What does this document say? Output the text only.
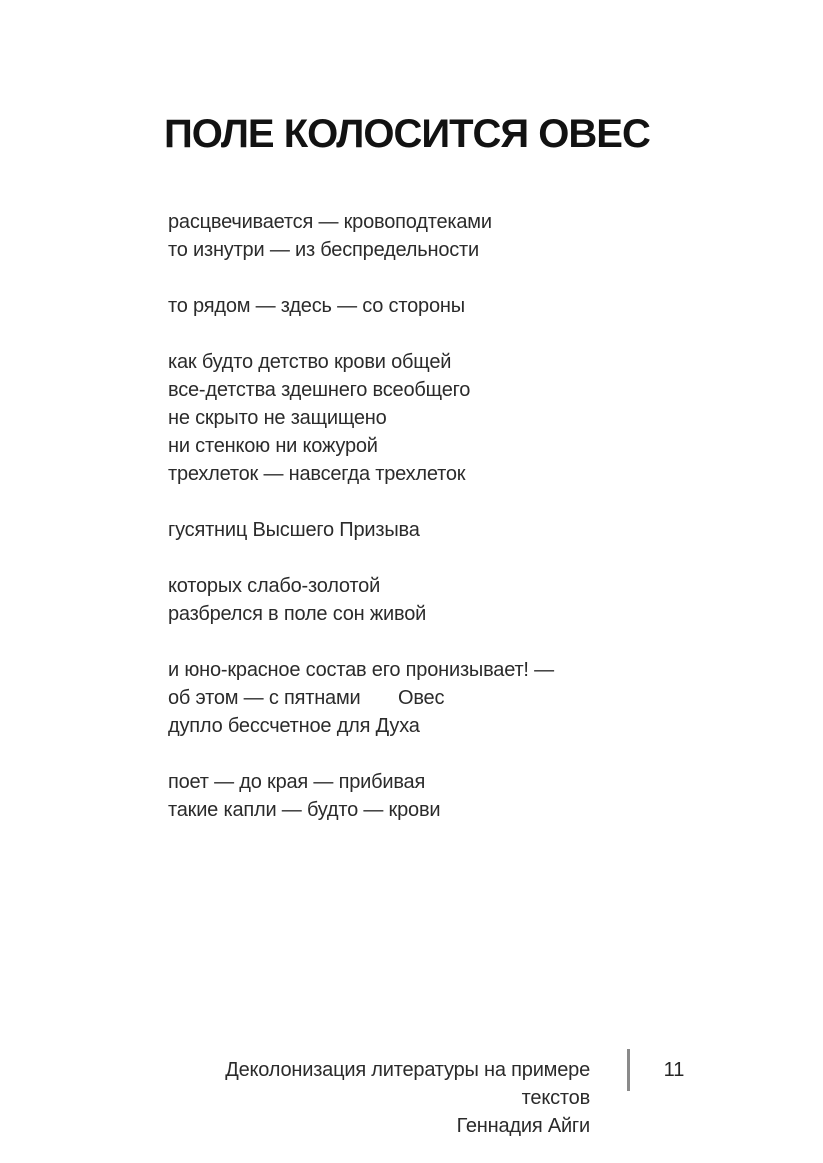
ПОЛЕ КОЛОСИТСЯ ОВЕС
расцвечивается — кровоподтеками
то изнутри — из беспредельности
то рядом — здесь — со стороны
как будто детство крови общей
все-детства здешнего всеобщего
не скрыто не защищено
ни стенкою ни кожурой
трехлеток — навсегда трехлеток
гусятниц Высшего Призыва
которых слабо-золотой
разбрелся в поле сон живой
и юно-красное состав его пронизывает! —
об этом — с пятнами       Овес
дупло бессчетное для Духа
поет — до края — прибивая
такие капли — будто — крови
Деколонизация литературы на примере текстов
Геннадия Айги
11
